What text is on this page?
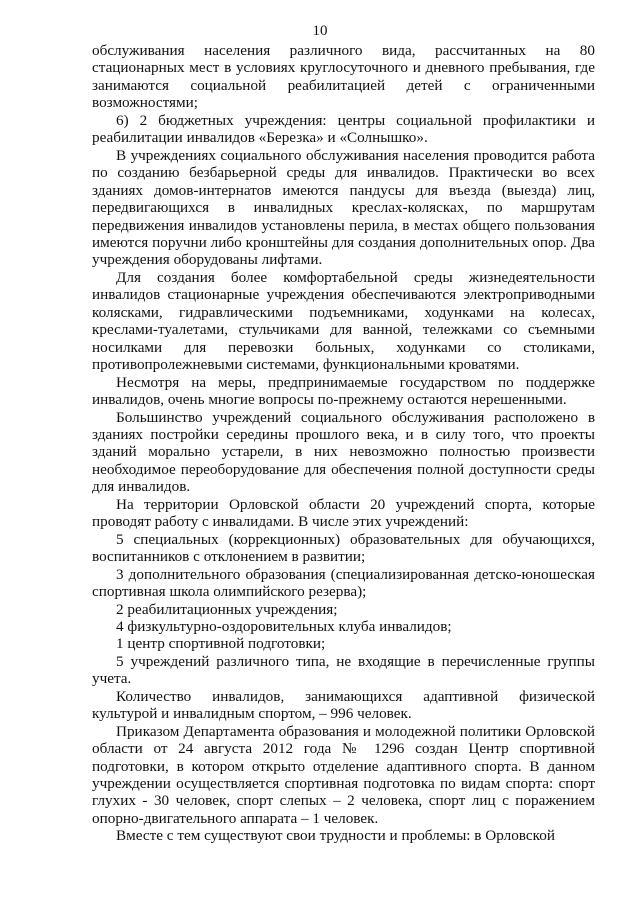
10

обслуживания населения различного вида, рассчитанных на 80 стационарных мест в условиях круглосуточного и дневного пребывания, где занимаются социальной реабилитацией детей с ограниченными возможностями;

6) 2 бюджетных учреждения: центры социальной профилактики и реабилитации инвалидов «Березка» и «Солнышко».

В учреждениях социального обслуживания населения проводится работа по созданию безбарьерной среды для инвалидов. Практически во всех зданиях домов-интернатов имеются пандусы для въезда (выезда) лиц, передвигающихся в инвалидных креслах-колясках, по маршрутам передвижения инвалидов установлены перила, в местах общего пользования имеются поручни либо кронштейны для создания дополнительных опор. Два учреждения оборудованы лифтами.

Для создания более комфортабельной среды жизнедеятельности инвалидов стационарные учреждения обеспечиваются электроприводными колясками, гидравлическими подъемниками, ходунками на колесах, креслами-туалетами, стульчиками для ванной, тележками со съемными носилками для перевозки больных, ходунками со столиками, противопролежневыми системами, функциональными кроватями.

Несмотря на меры, предпринимаемые государством по поддержке инвалидов, очень многие вопросы по-прежнему остаются нерешенными.

Большинство учреждений социального обслуживания расположено в зданиях постройки середины прошлого века, и в силу того, что проекты зданий морально устарели, в них невозможно полностью произвести необходимое переоборудование для обеспечения полной доступности среды для инвалидов.

На территории Орловской области 20 учреждений спорта, которые проводят работу с инвалидами. В числе этих учреждений:

5 специальных (коррекционных) образовательных для обучающихся, воспитанников с отклонением в развитии;

3 дополнительного образования (специализированная детско-юношеская спортивная школа олимпийского резерва);

2 реабилитационных учреждения;

4 физкультурно-оздоровительных клуба инвалидов;

1 центр спортивной подготовки;

5 учреждений различного типа, не входящие в перечисленные группы учета.

Количество инвалидов, занимающихся адаптивной физической культурой и инвалидным спортом, – 996 человек.

Приказом Департамента образования и молодежной политики Орловской области от 24 августа 2012 года № 1296 создан Центр спортивной подготовки, в котором открыто отделение адаптивного спорта. В данном учреждении осуществляется спортивная подготовка по видам спорта: спорт глухих - 30 человек, спорт слепых – 2 человека, спорт лиц с поражением опорно-двигательного аппарата – 1 человек.

Вместе с тем существуют свои трудности и проблемы: в Орловской
